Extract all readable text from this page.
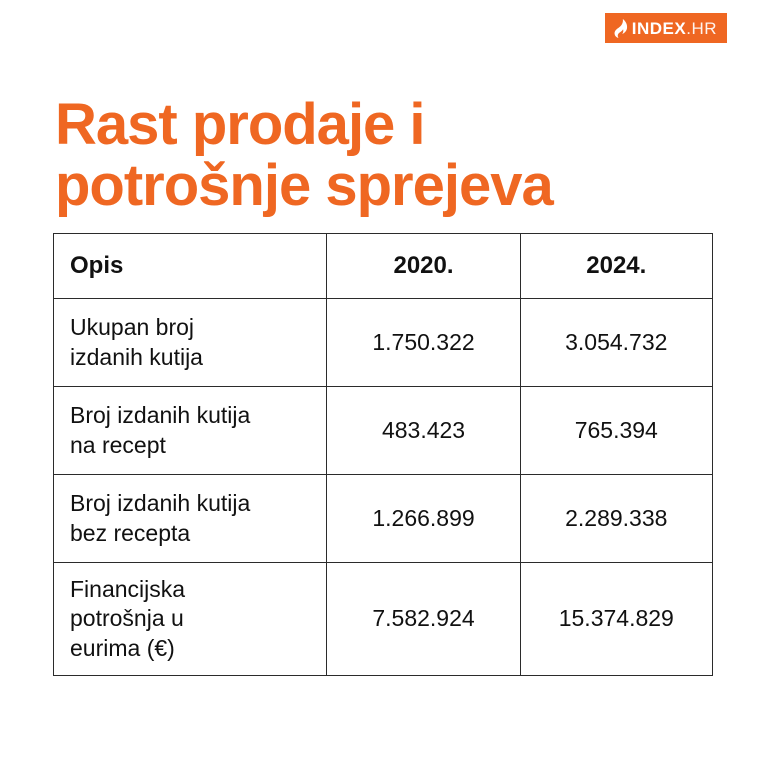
INDEX.HR
Rast prodaje i
potrošnje sprejeva
Opis	2020.	2024.
Ukupan broj
izdanih kutija	1.750.322	3.054.732
Broj izdanih kutija
na recept	483.423	765.394
Broj izdanih kutija
bez recepta	1.266.899	2.289.338
Financijska
potrošnja u
eurima (€)	7.582.924	15.374.829
